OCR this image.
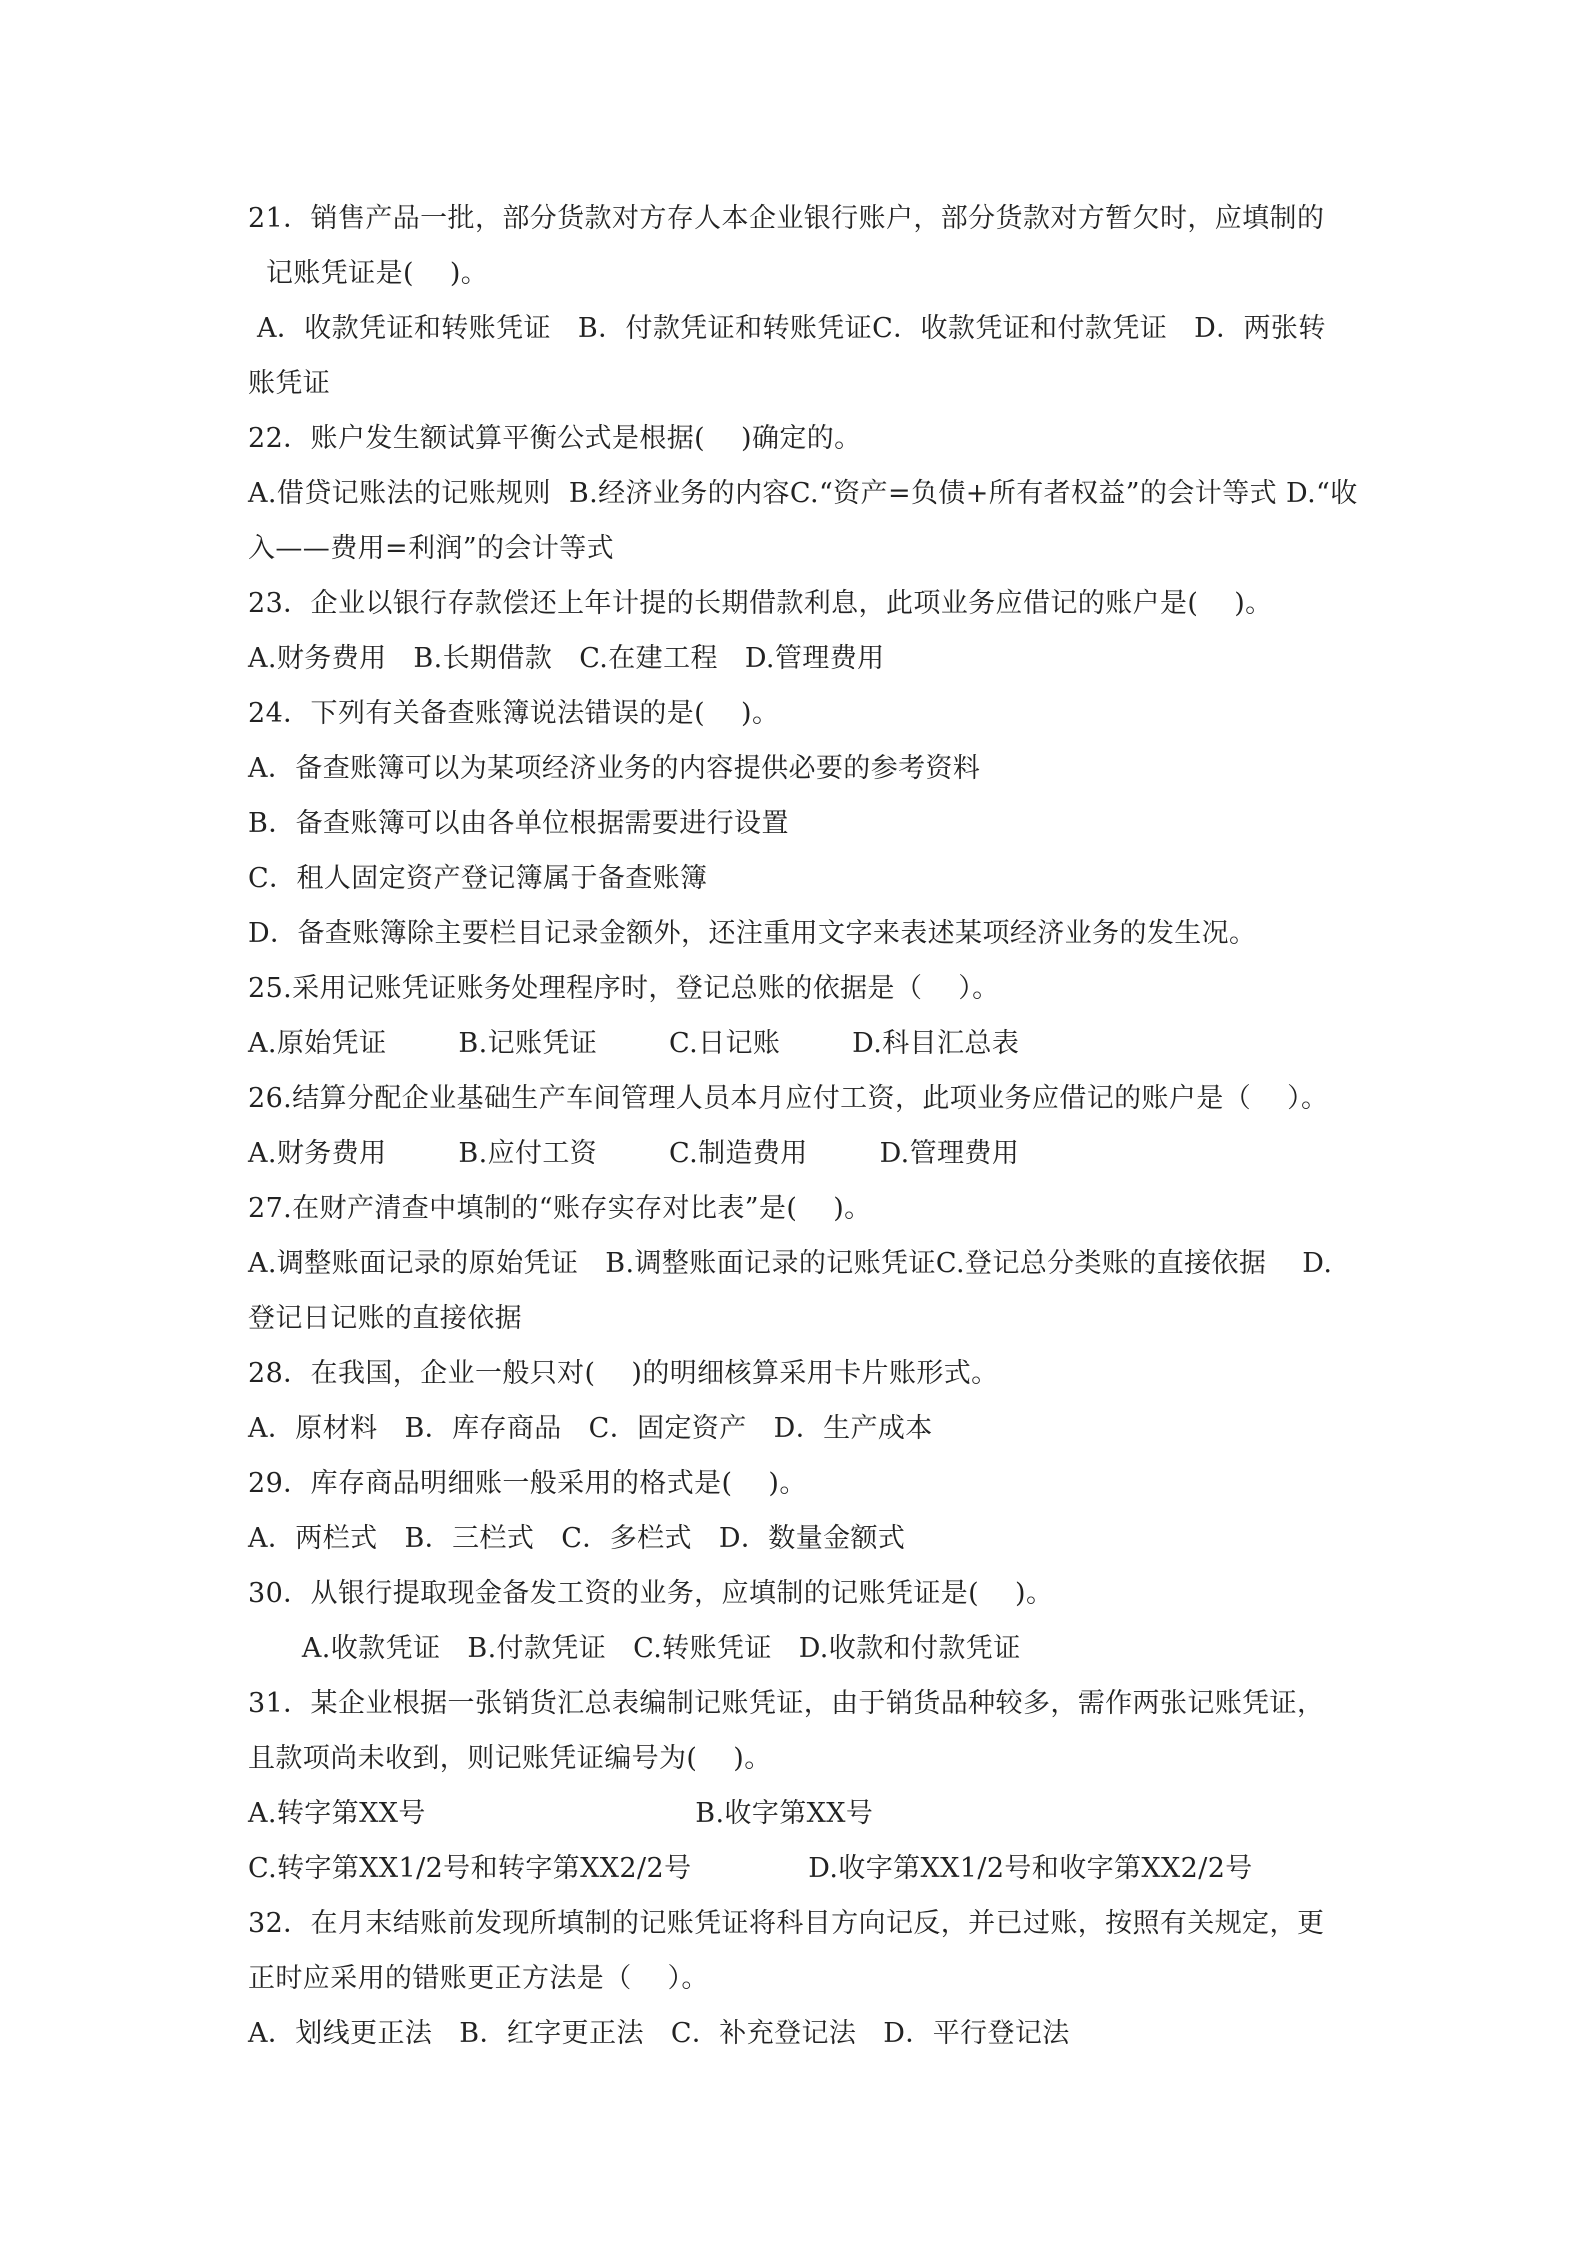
21．销售产品一批，部分货款对方存人本企业银行账户，部分货款对方暂欠时，应填制的
记账凭证是(    )。
A．收款凭证和转账凭证   B．付款凭证和转账凭证C．收款凭证和付款凭证   D．两张转
账凭证
22．账户发生额试算平衡公式是根据(    )确定的。
A.借贷记账法的记账规则  B.经济业务的内容C.“资产=负债+所有者权益”的会计等式 D.“收
入——费用=利润”的会计等式
23．企业以银行存款偿还上年计提的长期借款利息，此项业务应借记的账户是(    )。
A.财务费用   B.长期借款   C.在建工程   D.管理费用
24．下列有关备查账簿说法错误的是(    )。
A．备查账簿可以为某项经济业务的内容提供必要的参考资料
B．备查账簿可以由各单位根据需要进行设置
C．租人固定资产登记簿属于备查账簿
D．备查账簿除主要栏目记录金额外，还注重用文字来表述某项经济业务的发生况。
25.采用记账凭证账务处理程序时，登记总账的依据是（    ）。
A.原始凭证        B.记账凭证        C.日记账        D.科目汇总表
26.结算分配企业基础生产车间管理人员本月应付工资，此项业务应借记的账户是（    ）。
A.财务费用        B.应付工资        C.制造费用        D.管理费用
27.在财产清查中填制的“账存实存对比表”是(    )。
A.调整账面记录的原始凭证   B.调整账面记录的记账凭证C.登记总分类账的直接依据    D.
登记日记账的直接依据
28．在我国，企业一般只对(    )的明细核算采用卡片账形式。
A．原材料   B．库存商品   C．固定资产   D．生产成本
29．库存商品明细账一般采用的格式是(    )。
A．两栏式   B．三栏式   C．多栏式   D．数量金额式
30．从银行提取现金备发工资的业务，应填制的记账凭证是(    )。
A.收款凭证   B.付款凭证   C.转账凭证   D.收款和付款凭证
31．某企业根据一张销货汇总表编制记账凭证，由于销货品种较多，需作两张记账凭证，
且款项尚未收到，则记账凭证编号为(    )。
A.转字第XX号                              B.收字第XX号
C.转字第XX1/2号和转字第XX2/2号             D.收字第XX1/2号和收字第XX2/2号
32．在月末结账前发现所填制的记账凭证将科目方向记反，并已过账，按照有关规定，更
正时应采用的错账更正方法是（    ）。
A．划线更正法   B．红字更正法   C．补充登记法   D．平行登记法
